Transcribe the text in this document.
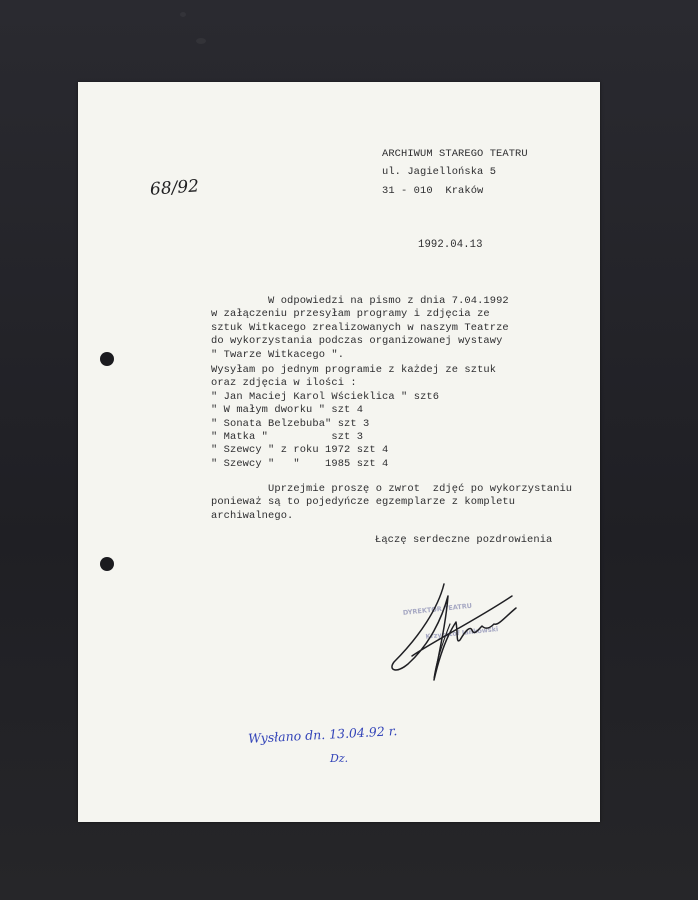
ARCHIWUM STAREGO TEATRU
ul. Jagiellońska 5
31 - 010  Kraków
1992.04.13
68/92
W odpowiedzi na pismo z dnia 7.04.1992
w załączeniu przesyłam programy i zdjęcia ze
sztuk Witkacego zrealizowanych w naszym Teatrze
do wykorzystania podczas organizowanej wystawy
" Twarze Witkacego ".
Wysyłam po jednym programie z każdej ze sztuk
oraz zdjęcia w ilości :
" Jan Maciej Karol Wścieklica " szt6
" W małym dworku " szt 4
" Sonata Belzebuba" szt 3
" Matka "          szt 3
" Szewcy " z roku 1972 szt 4
" Szewcy "   "    1985 szt 4
Uprzejmie proszę o zwrot  zdjęć po wykorzystaniu
ponieważ są to pojedyńcze egzemplarze z kompletu
archiwalnego.
Łączę serdeczne pozdrowienia
DYREKTOR TEATRU
Krzysztof Jankowski
Wysłano dn. 13.04.92 r.
Dz.
